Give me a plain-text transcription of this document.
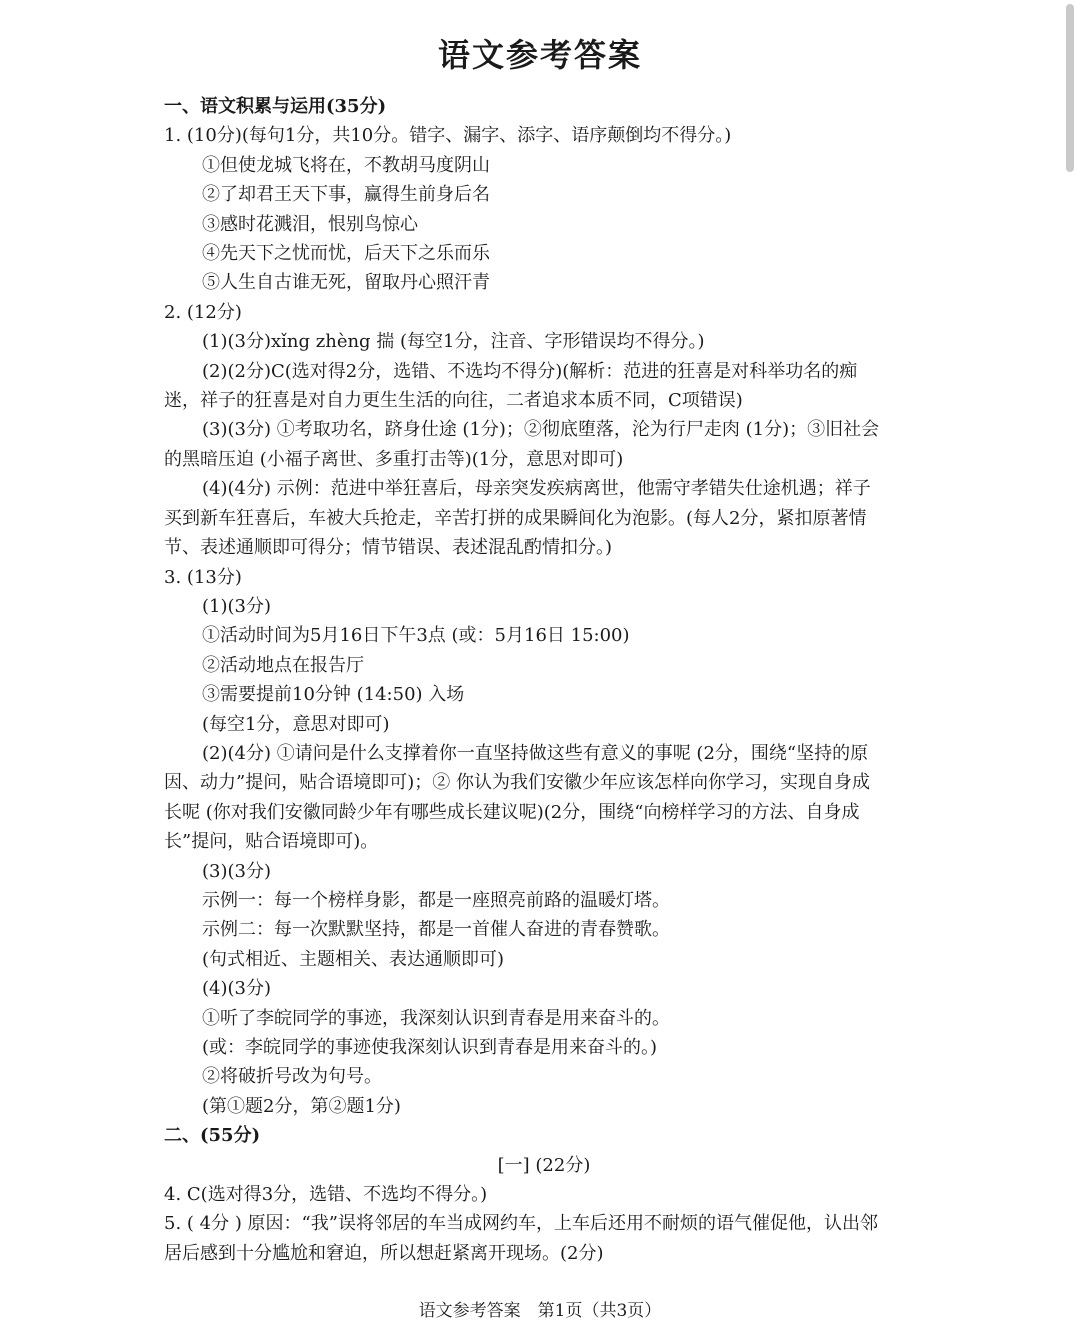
语文参考答案
一、语文积累与运用(35分)
1. (10分)(每句1分，共10分。错字、漏字、添字、语序颠倒均不得分。)
①但使龙城飞将在，不教胡马度阴山
②了却君王天下事，赢得生前身后名
③感时花溅泪，恨别鸟惊心
④先天下之忧而忧，后天下之乐而乐
⑤人生自古谁无死，留取丹心照汗青
2. (12分)
(1)(3分)xǐng zhèng 揣 (每空1分，注音、字形错误均不得分。)
(2)(2分)C(选对得2分，选错、不选均不得分)(解析：范进的狂喜是对科举功名的痴
迷，祥子的狂喜是对自力更生生活的向往，二者追求本质不同，C项错误)
(3)(3分) ①考取功名，跻身仕途 (1分)；②彻底堕落，沦为行尸走肉 (1分)；③旧社会
的黑暗压迫 (小福子离世、多重打击等)(1分，意思对即可)
(4)(4分) 示例：范进中举狂喜后，母亲突发疾病离世，他需守孝错失仕途机遇；祥子
买到新车狂喜后，车被大兵抢走，辛苦打拼的成果瞬间化为泡影。(每人2分，紧扣原著情
节、表述通顺即可得分；情节错误、表述混乱酌情扣分。)
3. (13分)
(1)(3分)
①活动时间为5月16日下午3点 (或：5月16日 15:00)
②活动地点在报告厅
③需要提前10分钟 (14:50) 入场
(每空1分，意思对即可)
(2)(4分) ①请问是什么支撑着你一直坚持做这些有意义的事呢 (2分，围绕“坚持的原
因、动力”提问，贴合语境即可)；② 你认为我们安徽少年应该怎样向你学习，实现自身成
长呢 (你对我们安徽同龄少年有哪些成长建议呢)(2分，围绕“向榜样学习的方法、自身成
长”提问，贴合语境即可)。
(3)(3分)
示例一：每一个榜样身影，都是一座照亮前路的温暖灯塔。
示例二：每一次默默坚持，都是一首催人奋进的青春赞歌。
(句式相近、主题相关、表达通顺即可)
(4)(3分)
①听了李皖同学的事迹，我深刻认识到青春是用来奋斗的。
(或：李皖同学的事迹使我深刻认识到青春是用来奋斗的。)
②将破折号改为句号。
(第①题2分，第②题1分)
二、(55分)
[一] (22分)
4. C(选对得3分，选错、不选均不得分。)
5. ( 4分 ) 原因：“我”误将邻居的车当成网约车，上车后还用不耐烦的语气催促他，认出邻
居后感到十分尴尬和窘迫，所以想赶紧离开现场。(2分)
语文参考答案　第1页（共3页）
